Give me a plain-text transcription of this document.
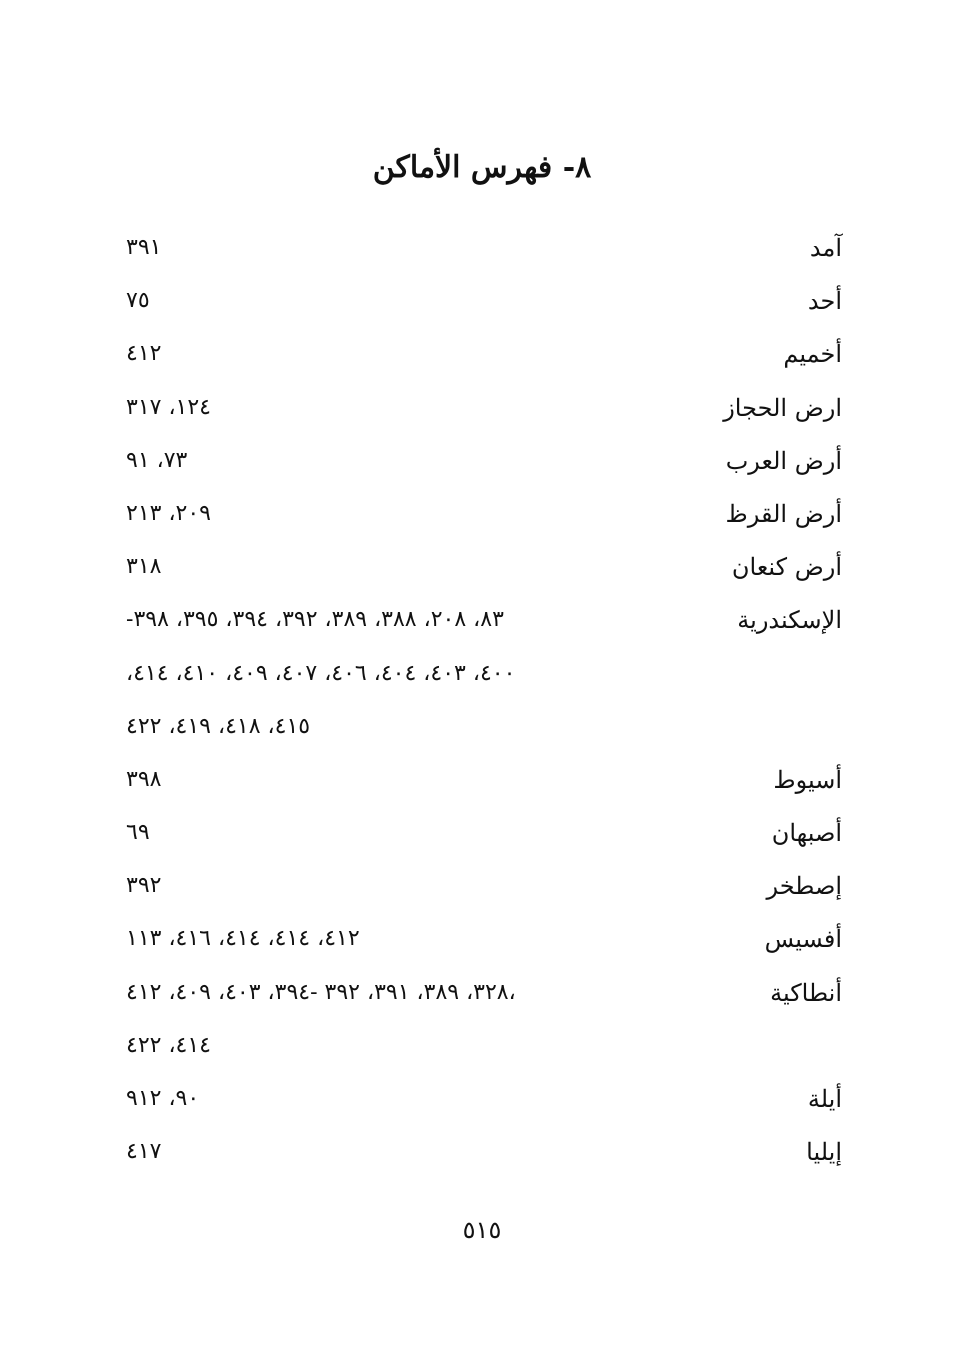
٨- فهرس الأماكن
آمد
٣٩١
أحد
٧٥
أخميم
٤١٢
ارض الحجاز
١٢٤، ٣١٧
أرض العرب
٧٣، ٩١
أرض القرظ
٢٠٩، ٢١٣
أرض كنعان
٣١٨
الإسكندرية
٨٣، ٢٠٨، ٣٨٨، ٣٨٩، ٣٩٢، ٣٩٤، ٣٩٥، ٣٩٨-
٤٠٠، ٤٠٣، ٤٠٤، ٤٠٦، ٤٠٧، ٤٠٩، ٤١٠، ٤١٤،
٤١٥، ٤١٨، ٤١٩، ٤٢٢
أسيوط
٣٩٨
أصبهان
٦٩
إصطخر
٣٩٢
أفسيس
٤١٢، ٤١٤، ٤١٤، ٤١٦، ١١٣
أنطاكية
،٣٢٨، ٣٨٩، ٣٩١، ٣٩٢ -٣٩٤، ٤٠٣، ٤٠٩، ٤١٢
٤١٤، ٤٢٢
أيلة
٩٠، ٩١٢
إيليا
٤١٧
٥١٥
